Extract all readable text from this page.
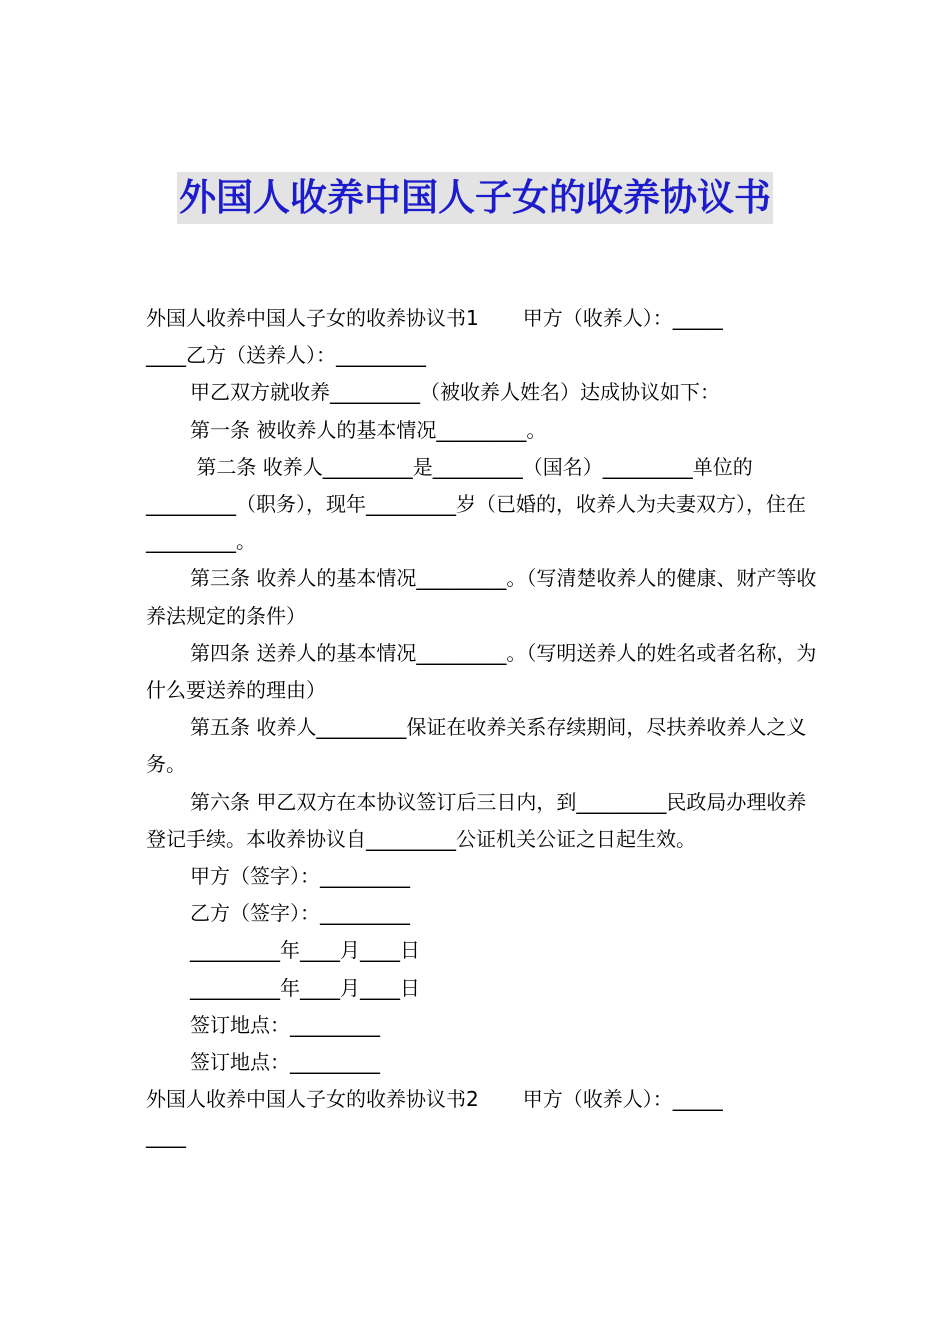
外国人收养中国人子女的收养协议书

外国人收养中国人子女的收养协议书1 甲方（收养人）：_____

____乙方（送养人）：_________

甲乙双方就收养_________（被收养人姓名）达成协议如下：

第一条 被收养人的基本情况_________。

第二条 收养人_________是_________（国名）_________单位的_________（职务），现年_________岁（已婚的，收养人为夫妻双方），住在_________。

第三条 收养人的基本情况_________。（写清楚收养人的健康、财产等收养法规定的条件）

第四条 送养人的基本情况_________。（写明送养人的姓名或者名称，为什么要送养的理由）

第五条 收养人_________保证在收养关系存续期间，尽扶养收养人之义务。

第六条 甲乙双方在本协议签订后三日内，到_________民政局办理收养登记手续。本收养协议自_________公证机关公证之日起生效。

甲方（签字）：_________

乙方（签字）：_________

_________年____月____日

_________年____月____日

签订地点：_________

签订地点：_________

外国人收养中国人子女的收养协议书2 甲方（收养人）：_____

____
